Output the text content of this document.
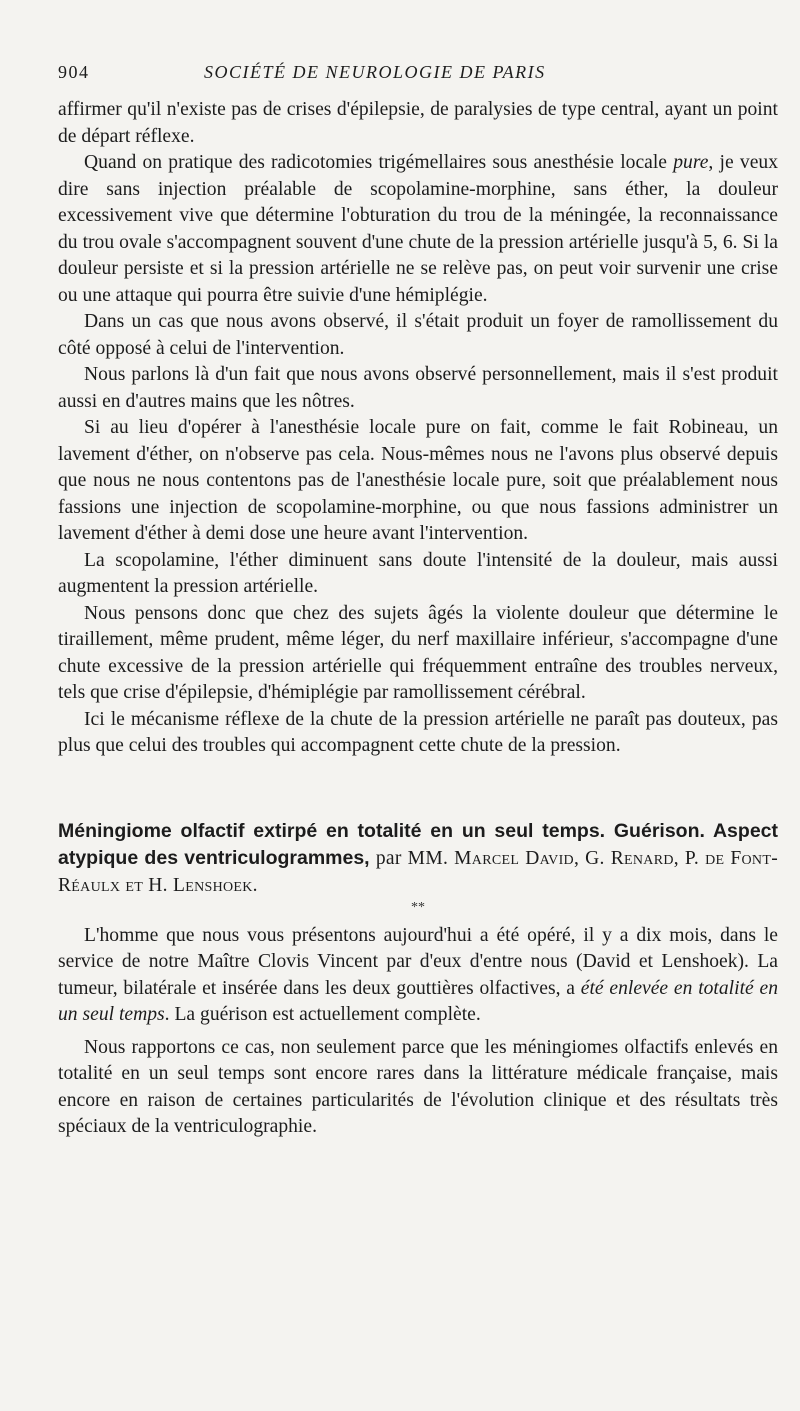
904	SOCIÉTÉ DE NEUROLOGIE DE PARIS

affirmer qu'il n'existe pas de crises d'épilepsie, de paralysies de type central, ayant un point de départ réflexe.

Quand on pratique des radicotomies trigémellaires sous anesthésie locale pure, je veux dire sans injection préalable de scopolamine-morphine, sans éther, la douleur excessivement vive que détermine l'obturation du trou de la méningée, la reconnaissance du trou ovale s'accompagnent souvent d'une chute de la pression artérielle jusqu'à 5, 6. Si la douleur persiste et si la pression artérielle ne se relève pas, on peut voir survenir une crise ou une attaque qui pourra être suivie d'une hémiplégie.

Dans un cas que nous avons observé, il s'était produit un foyer de ramollissement du côté opposé à celui de l'intervention.

Nous parlons là d'un fait que nous avons observé personnellement, mais il s'est produit aussi en d'autres mains que les nôtres.

Si au lieu d'opérer à l'anesthésie locale pure on fait, comme le fait Robineau, un lavement d'éther, on n'observe pas cela. Nous-mêmes nous ne l'avons plus observé depuis que nous ne nous contentons pas de l'anesthésie locale pure, soit que préalablement nous fassions une injection de scopolamine-morphine, ou que nous fassions administrer un lavement d'éther à demi dose une heure avant l'intervention.

La scopolamine, l'éther diminuent sans doute l'intensité de la douleur, mais aussi augmentent la pression artérielle.

Nous pensons donc que chez des sujets âgés la violente douleur que détermine le tiraillement, même prudent, même léger, du nerf maxillaire inférieur, s'accompagne d'une chute excessive de la pression artérielle qui fréquemment entraîne des troubles nerveux, tels que crise d'épilepsie, d'hémiplégie par ramollissement cérébral.

Ici le mécanisme réflexe de la chute de la pression artérielle ne paraît pas douteux, pas plus que celui des troubles qui accompagnent cette chute de la pression.

Méningiome olfactif extirpé en totalité en un seul temps. Guérison. Aspect atypique des ventriculogrammes, par MM. Marcel David, G. Renard, P. de Font-Réaulx et H. Lenshoek.

**

L'homme que nous vous présentons aujourd'hui a été opéré, il y a dix mois, dans le service de notre Maître Clovis Vincent par d'eux d'entre nous (David et Lenshoek). La tumeur, bilatérale et insérée dans les deux gouttières olfactives, a été enlevée en totalité en un seul temps. La guérison est actuellement complète.

Nous rapportons ce cas, non seulement parce que les méningiomes olfactifs enlevés en totalité en un seul temps sont encore rares dans la littérature médicale française, mais encore en raison de certaines particularités de l'évolution clinique et des résultats très spéciaux de la ventriculographie.
